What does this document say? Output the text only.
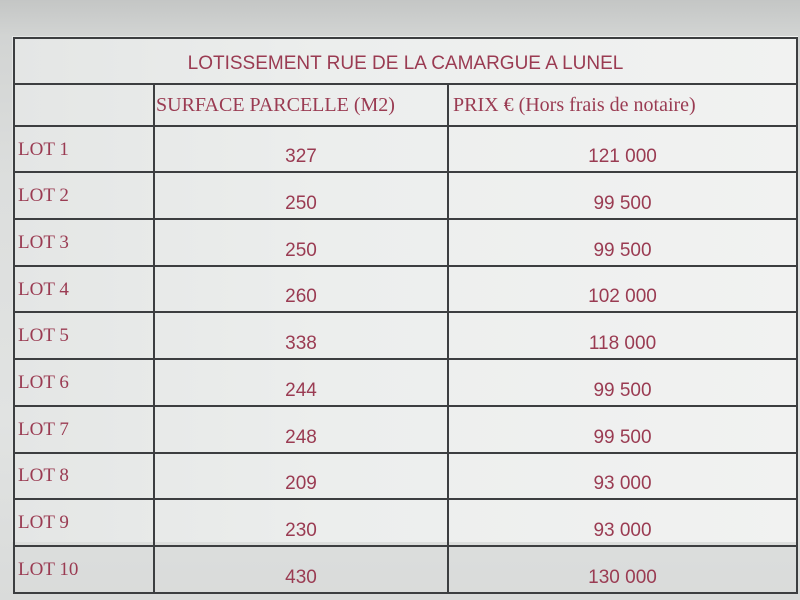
LOTISSEMENT RUE DE LA CAMARGUE A LUNEL		
	SURFACE PARCELLE (M2)	PRIX € (Hors frais de notaire)
LOT 1	327	121 000
LOT 2	250	99 500
LOT 3	250	99 500
LOT 4	260	102 000
LOT 5	338	118 000
LOT 6	244	99 500
LOT 7	248	99 500
LOT 8	209	93 000
LOT 9	230	93 000
LOT 10	430	130 000
